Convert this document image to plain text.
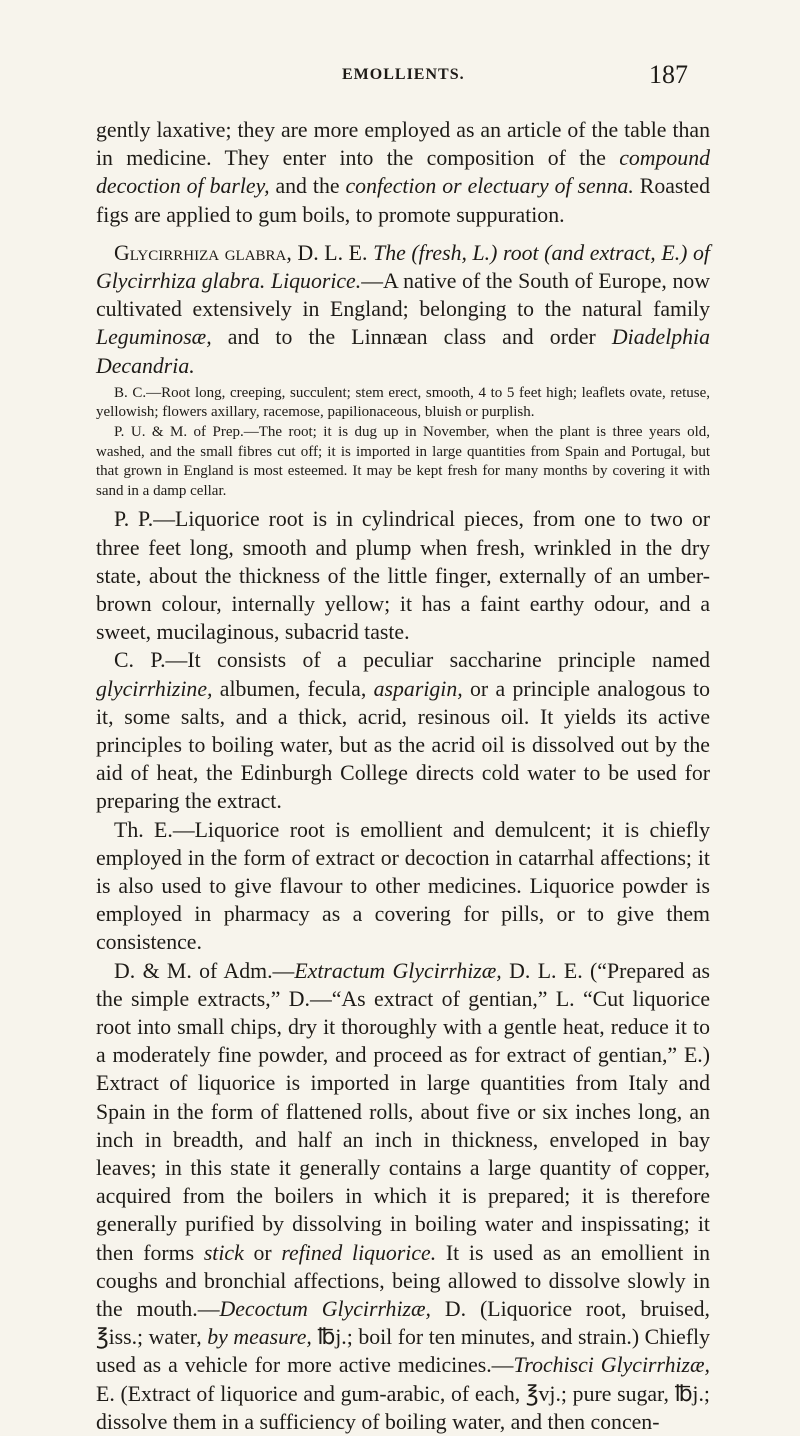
EMOLLIENTS.	187

gently laxative; they are more employed as an article of the table than in medicine. They enter into the composition of the compound decoction of barley, and the confection or electuary of senna. Roasted figs are applied to gum boils, to promote suppuration.

Glycirrhiza glabra, D. L. E. The (fresh, L.) root (and extract, E.) of Glycirrhiza glabra. Liquorice.—A native of the South of Europe, now cultivated extensively in England; belonging to the natural family Leguminosæ, and to the Linnæan class and order Diadelphia Decandria.

B. C.—Root long, creeping, succulent; stem erect, smooth, 4 to 5 feet high; leaflets ovate, retuse, yellowish; flowers axillary, racemose, papilionaceous, bluish or purplish.

P. U. & M. of Prep.—The root; it is dug up in November, when the plant is three years old, washed, and the small fibres cut off; it is imported in large quantities from Spain and Portugal, but that grown in England is most esteemed. It may be kept fresh for many months by covering it with sand in a damp cellar.

P. P.—Liquorice root is in cylindrical pieces, from one to two or three feet long, smooth and plump when fresh, wrinkled in the dry state, about the thickness of the little finger, externally of an umber-brown colour, internally yellow; it has a faint earthy odour, and a sweet, mucilaginous, subacrid taste.

C. P.—It consists of a peculiar saccharine principle named glycirrhizine, albumen, fecula, asparigin, or a principle analogous to it, some salts, and a thick, acrid, resinous oil. It yields its active principles to boiling water, but as the acrid oil is dissolved out by the aid of heat, the Edinburgh College directs cold water to be used for preparing the extract.

Th. E.—Liquorice root is emollient and demulcent; it is chiefly employed in the form of extract or decoction in catarrhal affections; it is also used to give flavour to other medicines. Liquorice powder is employed in pharmacy as a covering for pills, or to give them consistence.

D. & M. of Adm.—Extractum Glycirrhizæ, D. L. E. (“Prepared as the simple extracts,” D.—“As extract of gentian,” L. “Cut liquorice root into small chips, dry it thoroughly with a gentle heat, reduce it to a moderately fine powder, and proceed as for extract of gentian,” E.) Extract of liquorice is imported in large quantities from Italy and Spain in the form of flattened rolls, about five or six inches long, an inch in breadth, and half an inch in thickness, enveloped in bay leaves; in this state it generally contains a large quantity of copper, acquired from the boilers in which it is prepared; it is therefore generally purified by dissolving in boiling water and inspissating; it then forms stick or refined liquorice. It is used as an emollient in coughs and bronchial affections, being allowed to dissolve slowly in the mouth.—Decoctum Glycirrhizæ, D. (Liquorice root, bruised, ℥iss.; water, by measure, ℔j.; boil for ten minutes, and strain.) Chiefly used as a vehicle for more active medicines.—Trochisci Glycirrhizæ, E. (Extract of liquorice and gum-arabic, of each, ℥vj.; pure sugar, ℔j.; dissolve them in a sufficiency of boiling water, and then concen-
